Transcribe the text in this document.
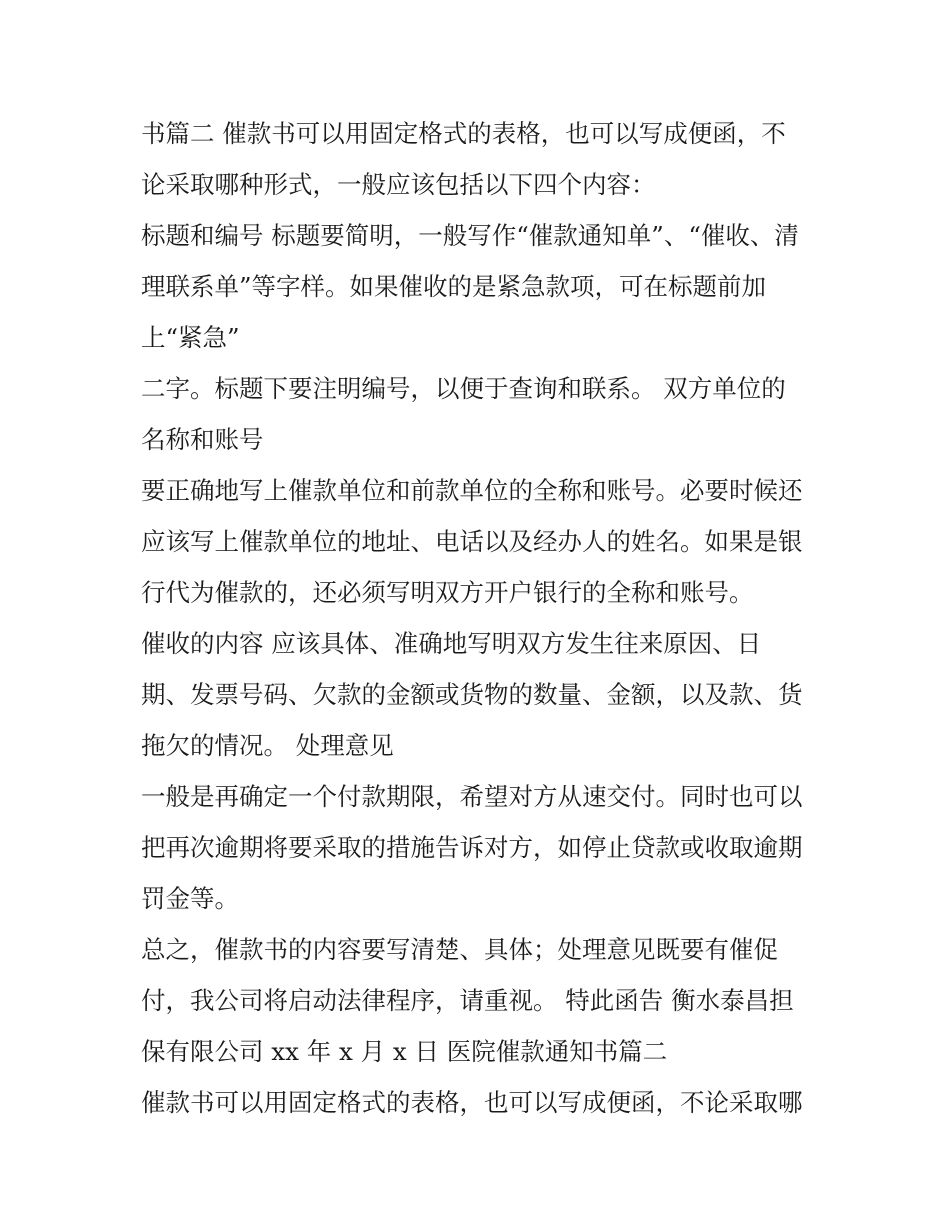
书篇二 催款书可以用固定格式的表格，也可以写成便函，不
论采取哪种形式，一般应该包括以下四个内容：
标题和编号 标题要简明，一般写作“催款通知单”、“催收、清
理联系单”等字样。如果催收的是紧急款项，可在标题前加
上“紧急”
二字。标题下要注明编号，以便于查询和联系。 双方单位的
名称和账号
要正确地写上催款单位和前款单位的全称和账号。必要时候还
应该写上催款单位的地址、电话以及经办人的姓名。如果是银
行代为催款的，还必须写明双方开户银行的全称和账号。
催收的内容 应该具体、准确地写明双方发生往来原因、日
期、发票号码、欠款的金额或货物的数量、金额，以及款、货
拖欠的情况。 处理意见
一般是再确定一个付款期限，希望对方从速交付。同时也可以
把再次逾期将要采取的措施告诉对方，如停止贷款或收取逾期
罚金等。
总之，催款书的内容要写清楚、具体；处理意见既要有催促
付，我公司将启动法律程序，请重视。 特此函告 衡水泰昌担
保有限公司 xx 年 x 月 x 日 医院催款通知书篇二
催款书可以用固定格式的表格，也可以写成便函，不论采取哪
